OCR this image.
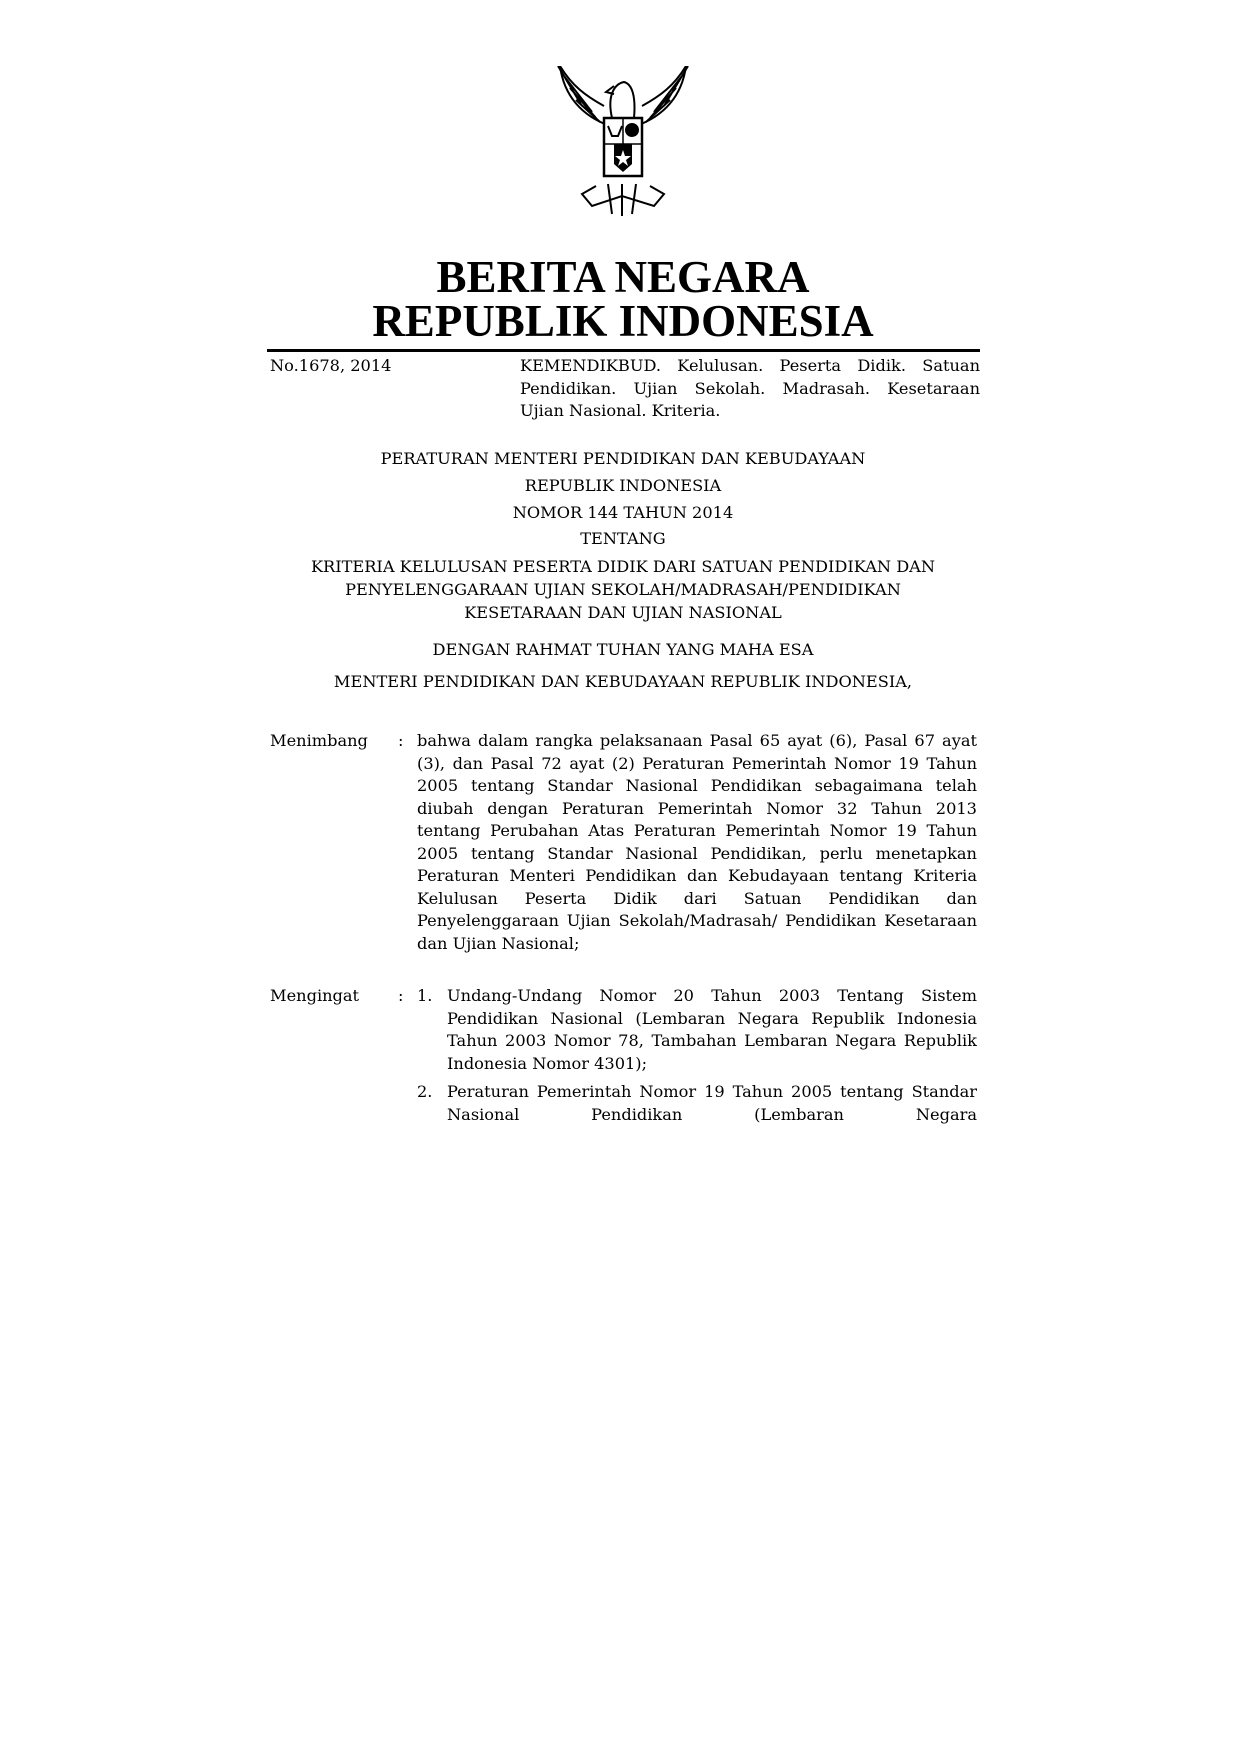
BERITA NEGARA
REPUBLIK INDONESIA
No.1678, 2014	KEMENDIKBUD. Kelulusan. Peserta Didik. Satuan Pendidikan. Ujian Sekolah. Madrasah. Kesetaraan Ujian Nasional. Kriteria.
PERATURAN MENTERI PENDIDIKAN DAN KEBUDAYAAN
REPUBLIK INDONESIA
NOMOR 144 TAHUN 2014
TENTANG
KRITERIA KELULUSAN PESERTA DIDIK DARI SATUAN PENDIDIKAN DAN
PENYELENGGARAAN UJIAN SEKOLAH/MADRASAH/PENDIDIKAN
KESETARAAN DAN UJIAN NASIONAL
DENGAN RAHMAT TUHAN YANG MAHA ESA
MENTERI PENDIDIKAN DAN KEBUDAYAAN REPUBLIK INDONESIA,
Menimbang : bahwa dalam rangka pelaksanaan Pasal 65 ayat (6), Pasal 67 ayat (3), dan Pasal 72 ayat (2) Peraturan Pemerintah Nomor 19 Tahun 2005 tentang Standar Nasional Pendidikan sebagaimana telah diubah dengan Peraturan Pemerintah Nomor 32 Tahun 2013 tentang Perubahan Atas Peraturan Pemerintah Nomor 19 Tahun 2005 tentang Standar Nasional Pendidikan, perlu menetapkan Peraturan Menteri Pendidikan dan Kebudayaan tentang Kriteria Kelulusan Peserta Didik dari Satuan Pendidikan dan Penyelenggaraan Ujian Sekolah/Madrasah/ Pendidikan Kesetaraan dan Ujian Nasional;
Mengingat : 1. Undang-Undang Nomor 20 Tahun 2003 Tentang Sistem Pendidikan Nasional (Lembaran Negara Republik Indonesia Tahun 2003 Nomor 78, Tambahan Lembaran Negara Republik Indonesia Nomor 4301);
2. Peraturan Pemerintah Nomor 19 Tahun 2005 tentang Standar Nasional Pendidikan (Lembaran Negara
